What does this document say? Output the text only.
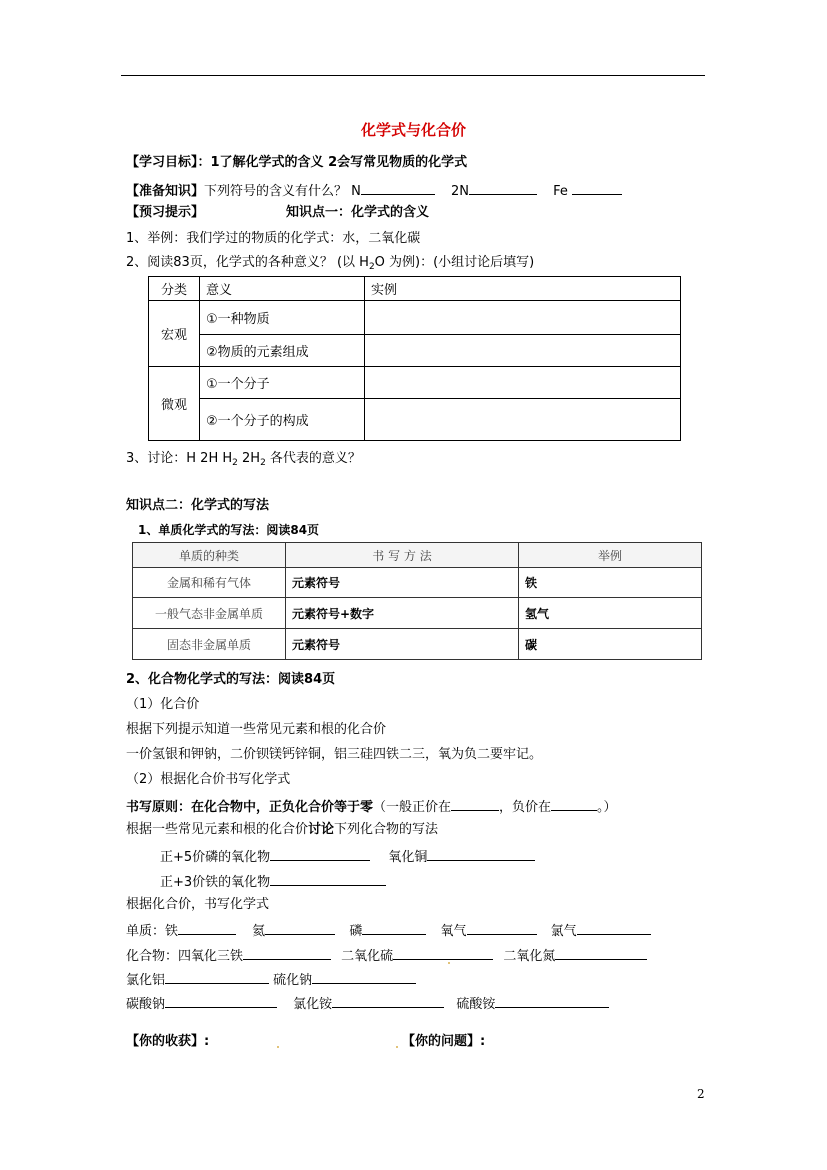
化学式与化合价
【学习目标】：1了解化学式的含义 2会写常见物质的化学式
【准备知识】下列符号的含义有什么？ N	2N	Fe
【预习提示】	知识点一：化学式的含义
1、举例：我们学过的物质的化学式：水，二氧化碳
2、阅读83页，化学式的各种意义？ (以 $H_2O$ 为例)：(小组讨论后填写)
分类	意义	实例
宏观	①一种物质	
	②物质的元素组成	
微观	①一个分子	
	②一个分子的构成	
3、讨论：H 2H $H_2$ $2H_2$ 各代表的意义？
知识点二：化学式的写法
1、单质化学式的写法：阅读84页
单质的种类	书 写 方 法	举例
金属和稀有气体	元素符号	铁
一般气态非金属单质	元素符号+数字	氢气
固态非金属单质	元素符号	碳
2、化合物化学式的写法：阅读84页
（1）化合价
根据下列提示知道一些常见元素和根的化合价
一价氢银和钾钠，二价钡镁钙锌铜，铝三硅四铁二三，氧为负二要牢记。
（2）根据化合价书写化学式
书写原则：在化合物中，正负化合价等于零（一般正价在	，负价在	。）
根据一些常见元素和根的化合价讨论下列化合物的写法
正+5价磷的氧化物	氧化铜
正+3价铁的氧化物
根据化合价，书写化学式
单质：铁	氦	磷	氧气	氯气
化合物：四氧化三铁	二氧化硫	二氧化氮
氯化铝	硫化钠
碳酸钠	氯化铵	硫酸铵
【你的收获】:	【你的问题】:
2
